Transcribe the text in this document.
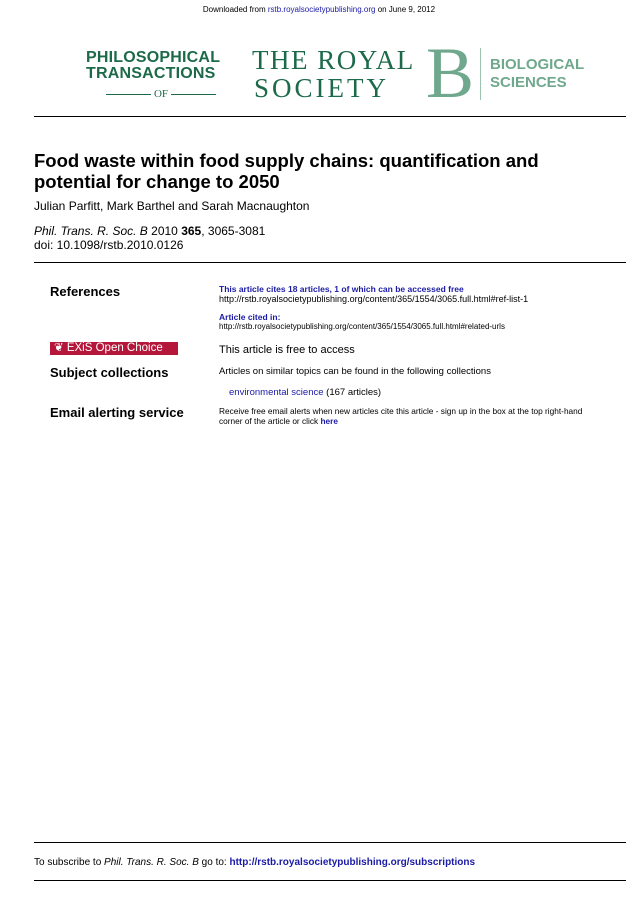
Downloaded from rstb.royalsocietypublishing.org on June 9, 2012
PHILOSOPHICAL
TRANSACTIONS
OF
THE ROYAL
SOCIETY B BIOLOGICAL
SCIENCES
Food waste within food supply chains: quantification and potential for change to 2050
Julian Parfitt, Mark Barthel and Sarah Macnaughton
Phil. Trans. R. Soc. B 2010 365, 3065-3081
doi: 10.1098/rstb.2010.0126
References	This article cites 18 articles, 1 of which can be accessed free
http://rstb.royalsocietypublishing.org/content/365/1554/3065.full.html#ref-list-1
Article cited in:
http://rstb.royalsocietypublishing.org/content/365/1554/3065.full.html#related-urls
❦ EXiS Open Choice	This article is free to access
Subject collections	Articles on similar topics can be found in the following collections
environmental science (167 articles)
Email alerting service	Receive free email alerts when new articles cite this article - sign up in the box at the top right-hand corner of the article or click here
To subscribe to Phil. Trans. R. Soc. B go to: http://rstb.royalsocietypublishing.org/subscriptions
